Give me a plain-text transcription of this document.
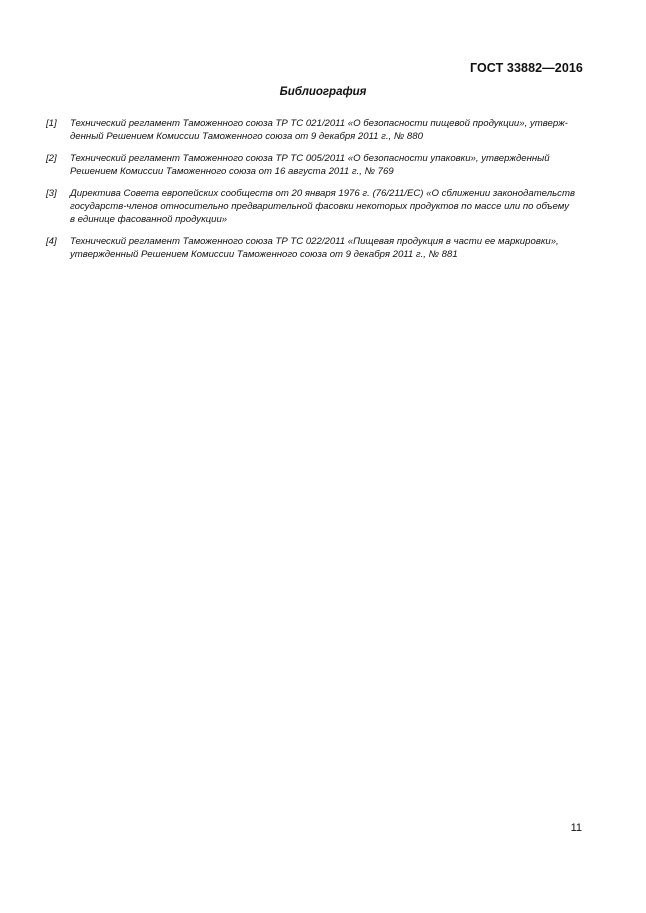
ГОСТ 33882—2016
Библиография
[1]	Технический регламент Таможенного союза ТР ТС 021/2011 «О безопасности пищевой продукции», утверж-
денный Решением Комиссии Таможенного союза от 9 декабря 2011 г., № 880
[2]	Технический регламент Таможенного союза ТР ТС 005/2011 «О безопасности упаковки», утвержденный
Решением Комиссии Таможенного союза от 16 августа 2011 г., № 769
[3]	Директива Совета европейских сообществ от 20 января 1976 г. (76/211/ЕС) «О сближении законодательств
государств-членов относительно предварительной фасовки некоторых продуктов по массе или по объему
в единице фасованной продукции»
[4]	Технический регламент Таможенного союза ТР ТС 022/2011 «Пищевая продукция в части ее маркировки»,
утвержденный Решением Комиссии Таможенного союза от 9 декабря 2011 г., № 881
11
